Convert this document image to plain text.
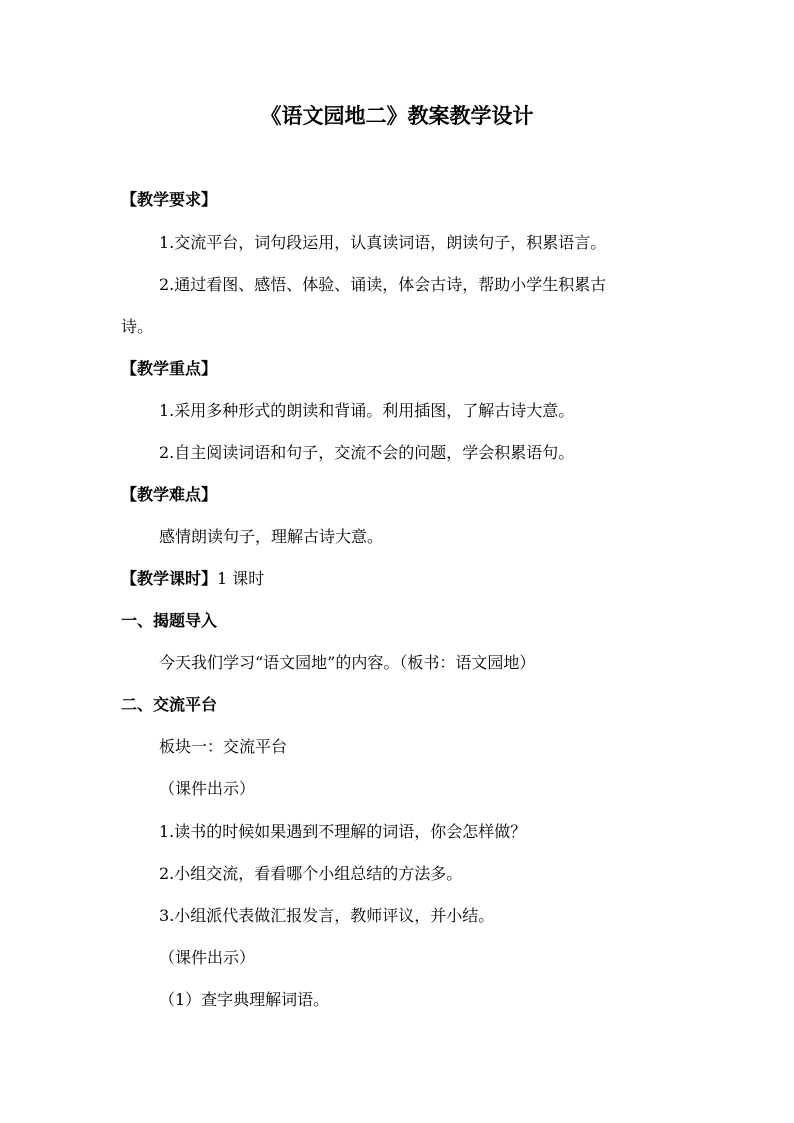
《语文园地二》教案教学设计
【教学要求】
1.交流平台，词句段运用，认真读词语，朗读句子，积累语言。
2.通过看图、感悟、体验、诵读，体会古诗，帮助小学生积累古
诗。
【教学重点】
1.采用多种形式的朗读和背诵。利用插图，了解古诗大意。
2.自主阅读词语和句子，交流不会的问题，学会积累语句。
【教学难点】
感情朗读句子，理解古诗大意。
【教学课时】1 课时
一、揭题导入
今天我们学习“语文园地”的内容。（板书：语文园地）
二、交流平台
板块一：交流平台
（课件出示）
1.读书的时候如果遇到不理解的词语，你会怎样做？
2.小组交流，看看哪个小组总结的方法多。
3.小组派代表做汇报发言，教师评议，并小结。
（课件出示）
（1）查字典理解词语。
